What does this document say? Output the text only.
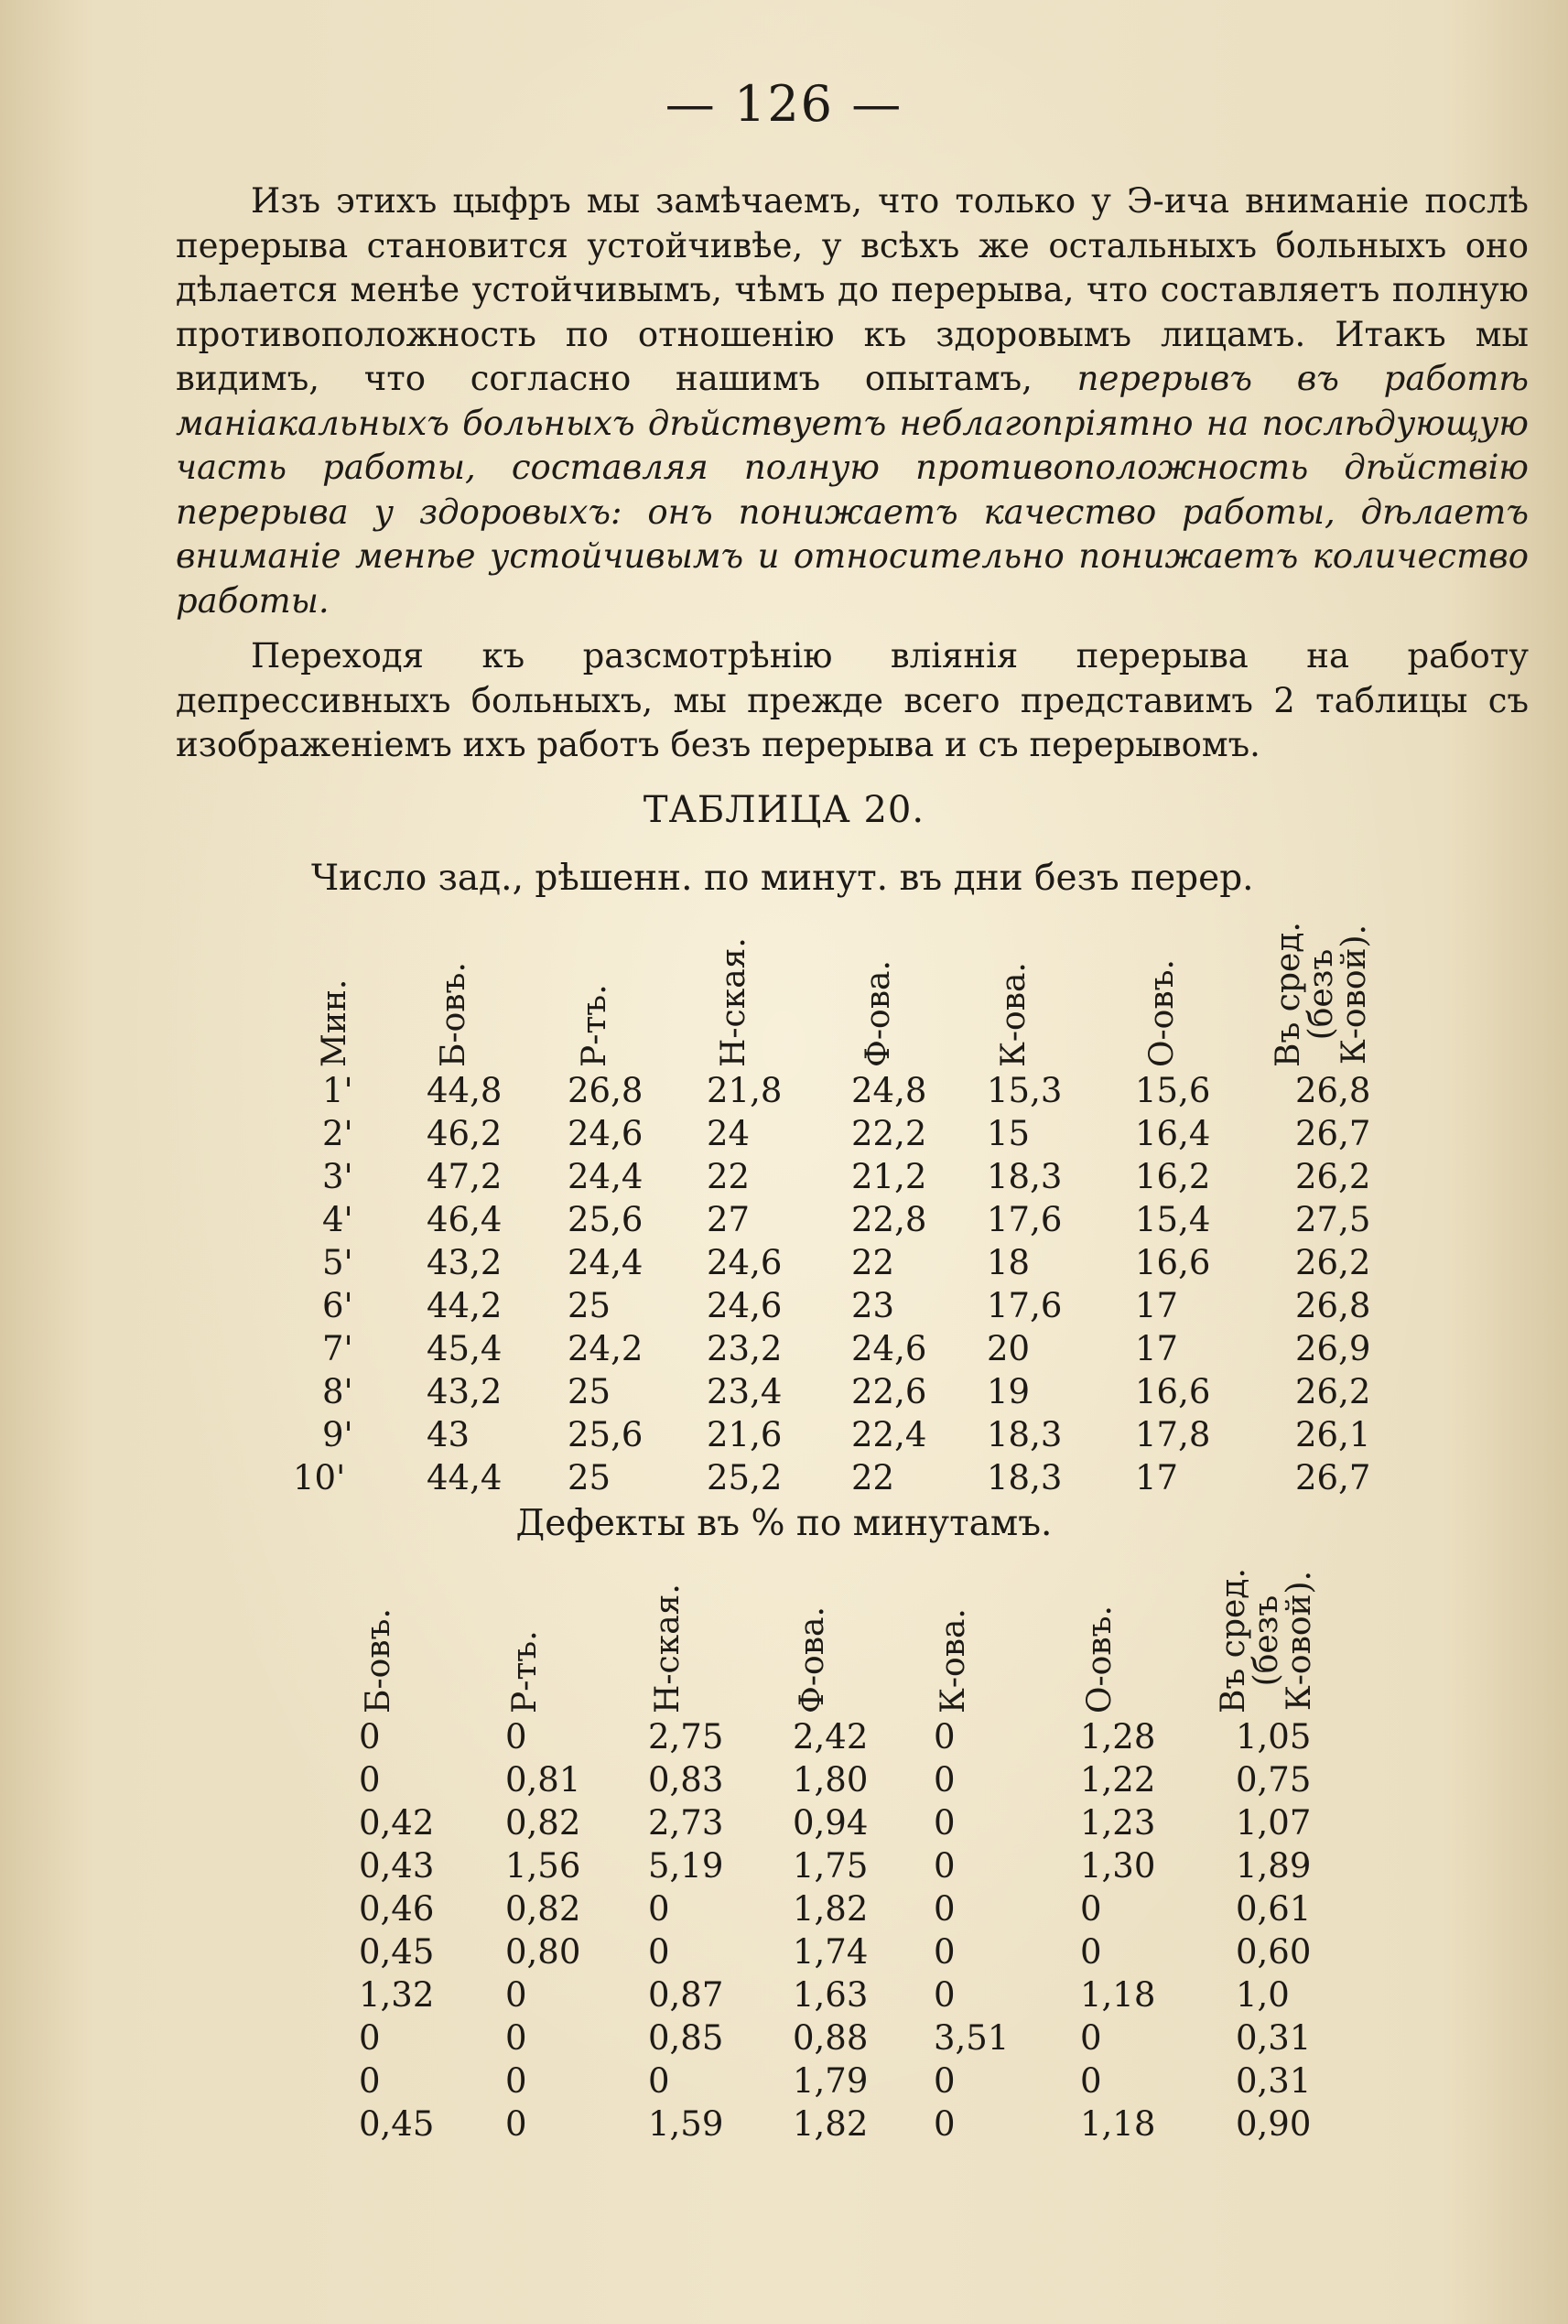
— 126 —

Изъ этихъ цыфръ мы замѣчаемъ, что только у Э-ича вниманіе послѣ перерыва становится устойчивѣе, у всѣхъ же остальныхъ больныхъ оно дѣлается менѣе устойчивымъ, чѣмъ до перерыва, что составляетъ полную противоположность по отношенію къ здоровымъ лицамъ. Итакъ мы видимъ, что согласно нашимъ опытамъ, перерывъ въ работѣ маніакальныхъ больныхъ дѣйствуетъ неблагопріятно на послѣдующую часть работы, составляя полную противоположность дѣйствію перерыва у здоровыхъ: онъ понижаетъ качество работы, дѣлаетъ вниманіе менѣе устойчивымъ и относительно понижаетъ количество работы.

Переходя къ разсмотрѣнію вліянія перерыва на работу депрессивныхъ больныхъ, мы прежде всего представимъ 2 таблицы съ изображеніемъ ихъ работъ безъ перерыва и съ перерывомъ.

ТАБЛИЦА 20.
Число зад., рѣшенн. по минут. въ дни безъ перер.
Мин. Б-овъ.	Р-тъ.	Н-ская.	Ф-ова.	К-ова.	О-овъ.	Въ сред.
(безъ
К-овой).
1' 44,8 26,8 21,8 24,8 15,3 15,6	26,8
2' 46,2 24,6 24	22,2 15	16,4	26,7
3' 47,2 24,4 22	21,2 18,3 16,2	26,2
4' 46,4 25,6 27	22,8 17,6 15,4	27,5
5' 43,2 24,4 24,6 22	18	16,6	26,2
6' 44,2 25	24,6 23	17,6 17	26,8
7' 45,4 24,2 23,2 24,6 20	17	26,9
8' 43,2 25	23,4 22,6 19	16,6	26,2
9' 43	25,6 21,6 22,4 18,3 17,8	26,1
10' 44,4 25	25,2 22	18,3 17	26,7
Дефекты въ % по минутамъ.
Б-овъ.	Р-тъ.	Н-ская.	Ф-ова.	К-ова.	О-овъ.	Въ сред.
(безъ
К-овой).
0	0	2,75 2,42 0	1,28 1,05
0	0,81 0,83 1,80 0	1,22 0,75
0,42 0,82 2,73 0,94 0	1,23 1,07
0,43 1,56 5,19 1,75 0	1,30 1,89
0,46 0,82 0	1,82 0	0	0,61
0,45 0,80 0	1,74 0	0	0,60
1,32 0	0,87 1,63 0	1,18 1,0
0	0	0,85 0,88 3,51 0	0,31
0	0	0	1,79 0	0	0,31
0,45 0	1,59 1,82 0	1,18 0,90
